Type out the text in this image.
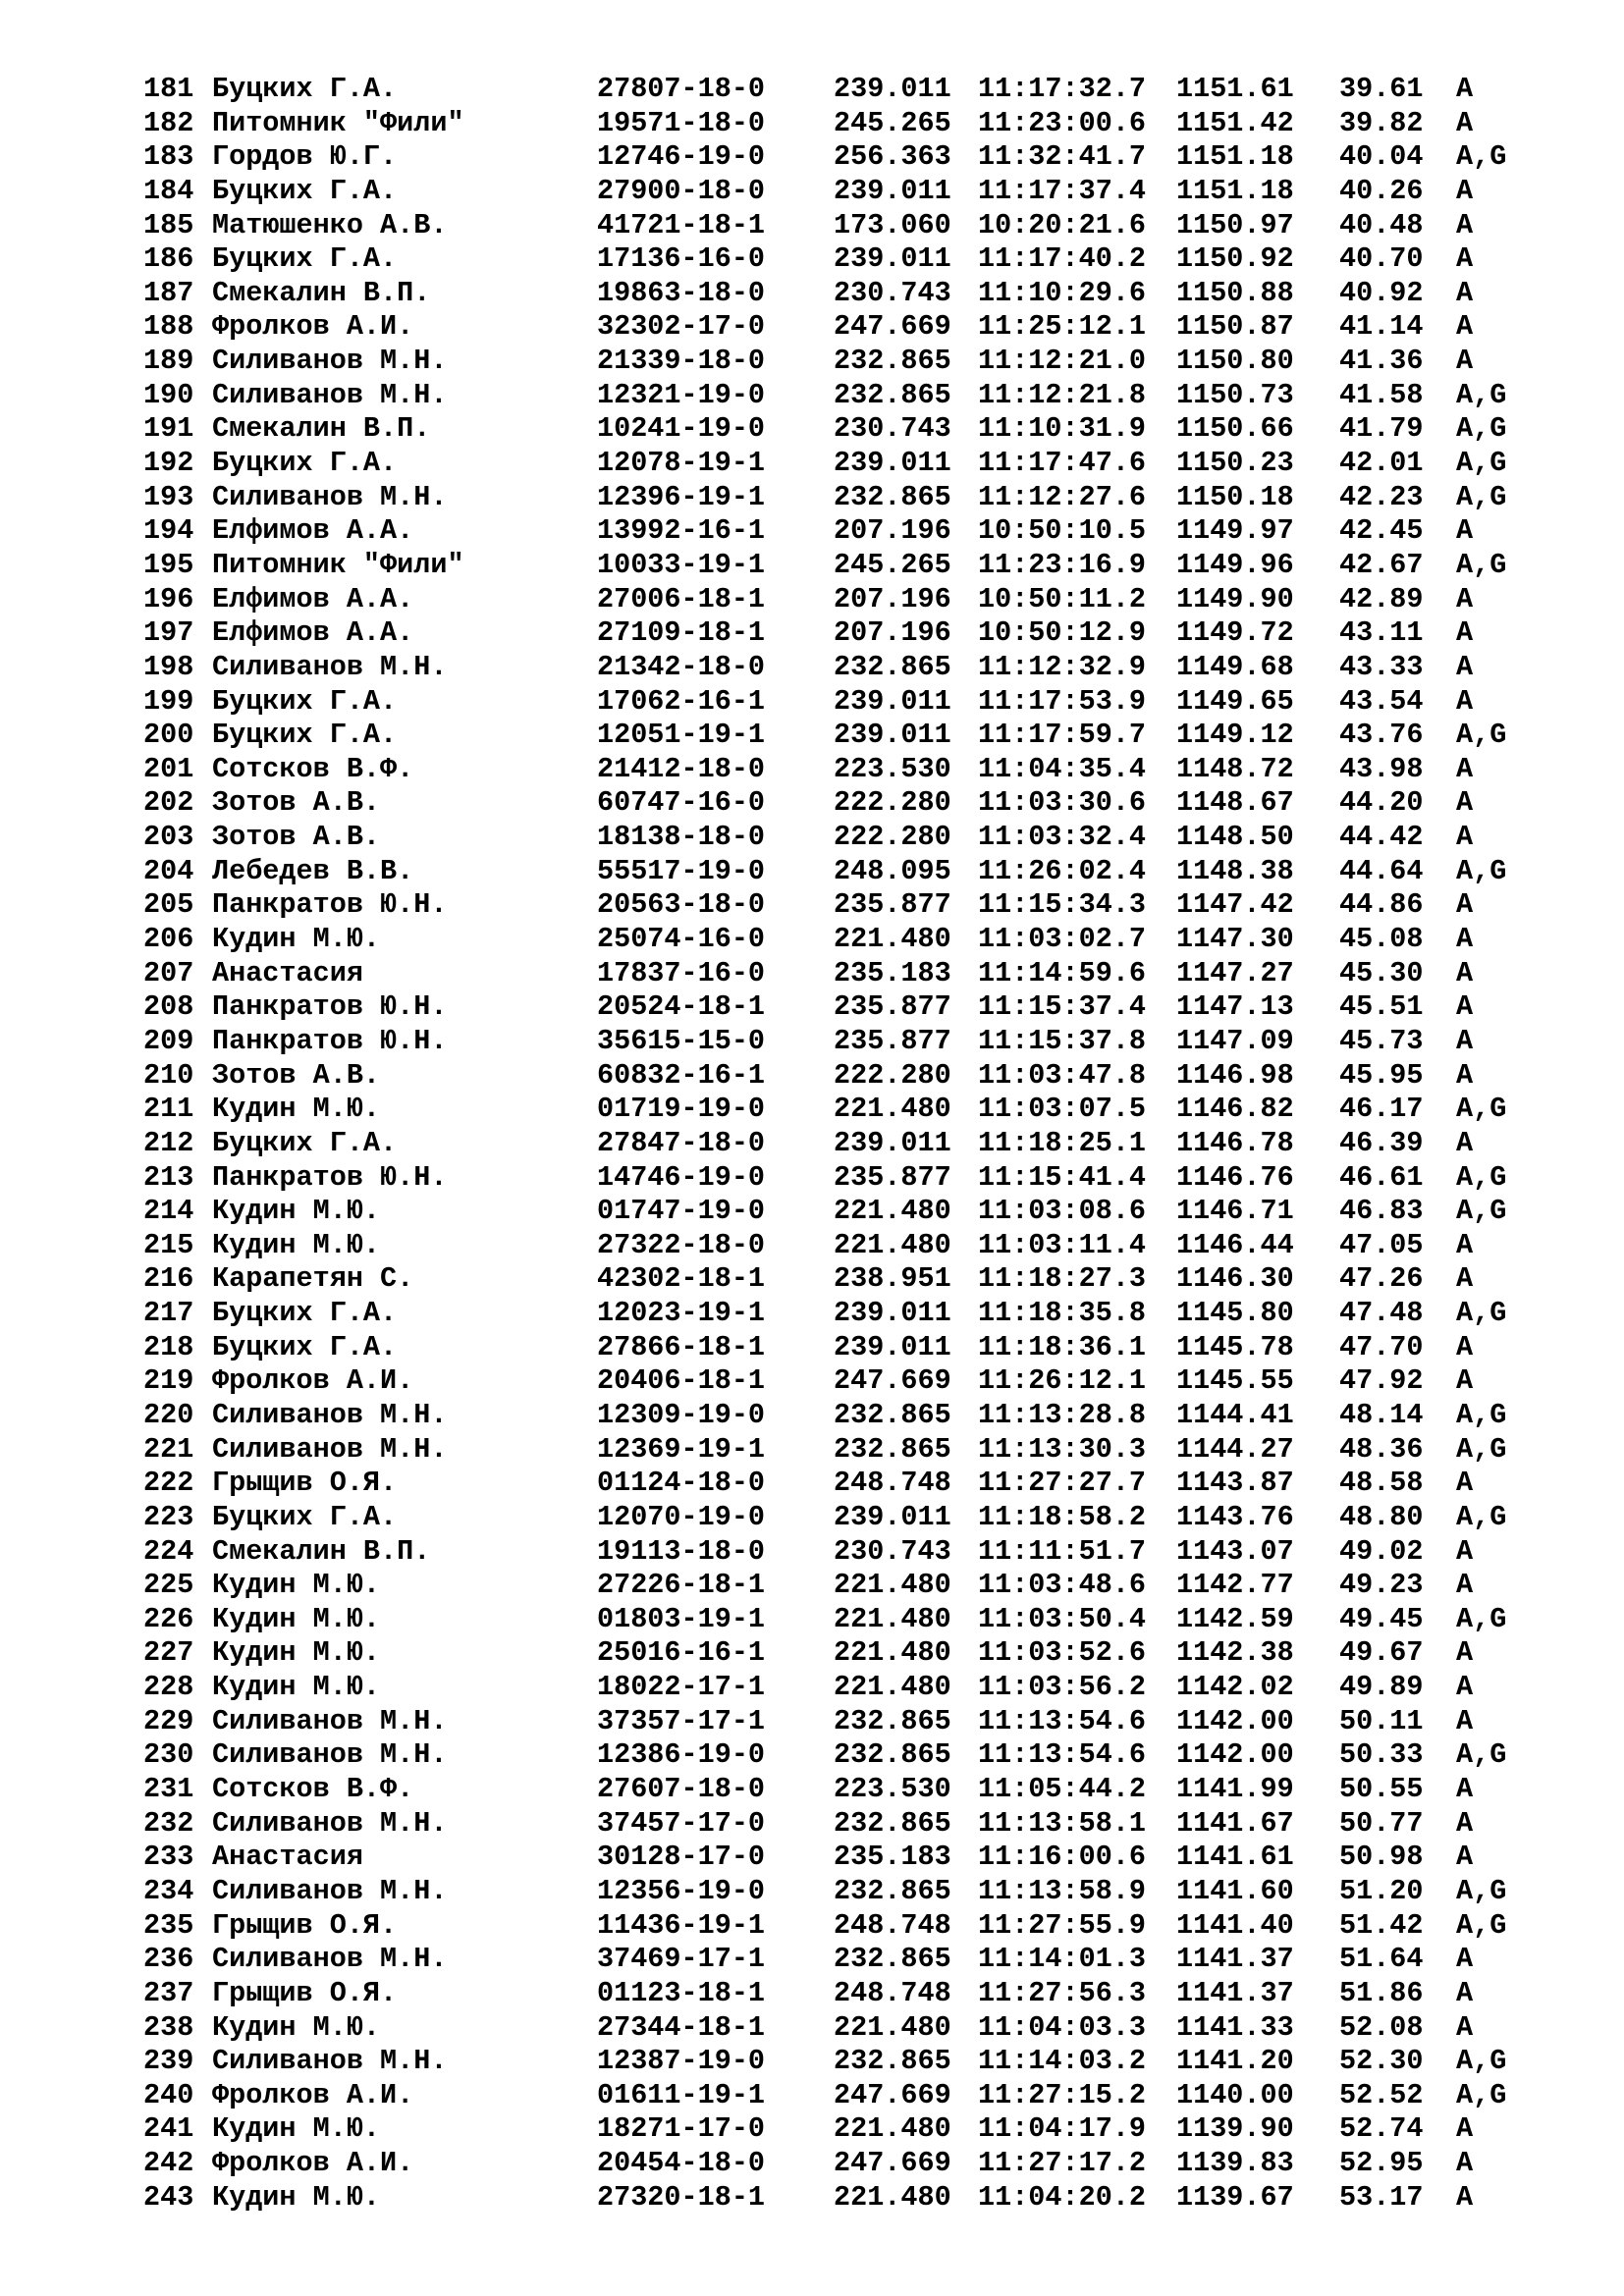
181 Буцких Г.А.	27807-18-0 239.011 11:17:32.7 1151.61 39.61 A
182 Питомник "Фили"	19571-18-0 245.265 11:23:00.6 1151.42 39.82 A
183 Гордов Ю.Г.	12746-19-0 256.363 11:32:41.7 1151.18 40.04 A,G
184 Буцких Г.А.	27900-18-0 239.011 11:17:37.4 1151.18 40.26 A
185 Матюшенко А.В.	41721-18-1 173.060 10:20:21.6 1150.97 40.48 A
186 Буцких Г.А.	17136-16-0 239.011 11:17:40.2 1150.92 40.70 A
187 Смекалин В.П.	19863-18-0 230.743 11:10:29.6 1150.88 40.92 A
188 Фролков А.И.	32302-17-0 247.669 11:25:12.1 1150.87 41.14 A
189 Силиванов М.Н.	21339-18-0 232.865 11:12:21.0 1150.80 41.36 A
190 Силиванов М.Н.	12321-19-0 232.865 11:12:21.8 1150.73 41.58 A,G
191 Смекалин В.П.	10241-19-0 230.743 11:10:31.9 1150.66 41.79 A,G
192 Буцких Г.А.	12078-19-1 239.011 11:17:47.6 1150.23 42.01 A,G
193 Силиванов М.Н.	12396-19-1 232.865 11:12:27.6 1150.18 42.23 A,G
194 Елфимов А.А.	13992-16-1 207.196 10:50:10.5 1149.97 42.45 A
195 Питомник "Фили"	10033-19-1 245.265 11:23:16.9 1149.96 42.67 A,G
196 Елфимов А.А.	27006-18-1 207.196 10:50:11.2 1149.90 42.89 A
197 Елфимов А.А.	27109-18-1 207.196 10:50:12.9 1149.72 43.11 A
198 Силиванов М.Н.	21342-18-0 232.865 11:12:32.9 1149.68 43.33 A
199 Буцких Г.А.	17062-16-1 239.011 11:17:53.9 1149.65 43.54 A
200 Буцких Г.А.	12051-19-1 239.011 11:17:59.7 1149.12 43.76 A,G
201 Сотсков В.Ф.	21412-18-0 223.530 11:04:35.4 1148.72 43.98 A
202 Зотов А.В.	60747-16-0 222.280 11:03:30.6 1148.67 44.20 A
203 Зотов А.В.	18138-18-0 222.280 11:03:32.4 1148.50 44.42 A
204 Лебедев В.В.	55517-19-0 248.095 11:26:02.4 1148.38 44.64 A,G
205 Панкратов Ю.Н.	20563-18-0 235.877 11:15:34.3 1147.42 44.86 A
206 Кудин М.Ю.	25074-16-0 221.480 11:03:02.7 1147.30 45.08 A
207 Анастасия	17837-16-0 235.183 11:14:59.6 1147.27 45.30 A
208 Панкратов Ю.Н.	20524-18-1 235.877 11:15:37.4 1147.13 45.51 A
209 Панкратов Ю.Н.	35615-15-0 235.877 11:15:37.8 1147.09 45.73 A
210 Зотов А.В.	60832-16-1 222.280 11:03:47.8 1146.98 45.95 A
211 Кудин М.Ю.	01719-19-0 221.480 11:03:07.5 1146.82 46.17 A,G
212 Буцких Г.А.	27847-18-0 239.011 11:18:25.1 1146.78 46.39 A
213 Панкратов Ю.Н.	14746-19-0 235.877 11:15:41.4 1146.76 46.61 A,G
214 Кудин М.Ю.	01747-19-0 221.480 11:03:08.6 1146.71 46.83 A,G
215 Кудин М.Ю.	27322-18-0 221.480 11:03:11.4 1146.44 47.05 A
216 Карапетян С.	42302-18-1 238.951 11:18:27.3 1146.30 47.26 A
217 Буцких Г.А.	12023-19-1 239.011 11:18:35.8 1145.80 47.48 A,G
218 Буцких Г.А.	27866-18-1 239.011 11:18:36.1 1145.78 47.70 A
219 Фролков А.И.	20406-18-1 247.669 11:26:12.1 1145.55 47.92 A
220 Силиванов М.Н.	12309-19-0 232.865 11:13:28.8 1144.41 48.14 A,G
221 Силиванов М.Н.	12369-19-1 232.865 11:13:30.3 1144.27 48.36 A,G
222 Грыщив О.Я.	01124-18-0 248.748 11:27:27.7 1143.87 48.58 A
223 Буцких Г.А.	12070-19-0 239.011 11:18:58.2 1143.76 48.80 A,G
224 Смекалин В.П.	19113-18-0 230.743 11:11:51.7 1143.07 49.02 A
225 Кудин М.Ю.	27226-18-1 221.480 11:03:48.6 1142.77 49.23 A
226 Кудин М.Ю.	01803-19-1 221.480 11:03:50.4 1142.59 49.45 A,G
227 Кудин М.Ю.	25016-16-1 221.480 11:03:52.6 1142.38 49.67 A
228 Кудин М.Ю.	18022-17-1 221.480 11:03:56.2 1142.02 49.89 A
229 Силиванов М.Н.	37357-17-1 232.865 11:13:54.6 1142.00 50.11 A
230 Силиванов М.Н.	12386-19-0 232.865 11:13:54.6 1142.00 50.33 A,G
231 Сотсков В.Ф.	27607-18-0 223.530 11:05:44.2 1141.99 50.55 A
232 Силиванов М.Н.	37457-17-0 232.865 11:13:58.1 1141.67 50.77 A
233 Анастасия	30128-17-0 235.183 11:16:00.6 1141.61 50.98 A
234 Силиванов М.Н.	12356-19-0 232.865 11:13:58.9 1141.60 51.20 A,G
235 Грыщив О.Я.	11436-19-1 248.748 11:27:55.9 1141.40 51.42 A,G
236 Силиванов М.Н.	37469-17-1 232.865 11:14:01.3 1141.37 51.64 A
237 Грыщив О.Я.	01123-18-1 248.748 11:27:56.3 1141.37 51.86 A
238 Кудин М.Ю.	27344-18-1 221.480 11:04:03.3 1141.33 52.08 A
239 Силиванов М.Н.	12387-19-0 232.865 11:14:03.2 1141.20 52.30 A,G
240 Фролков А.И.	01611-19-1 247.669 11:27:15.2 1140.00 52.52 A,G
241 Кудин М.Ю.	18271-17-0 221.480 11:04:17.9 1139.90 52.74 A
242 Фролков А.И.	20454-18-0 247.669 11:27:17.2 1139.83 52.95 A
243 Кудин М.Ю.	27320-18-1 221.480 11:04:20.2 1139.67 53.17 A
